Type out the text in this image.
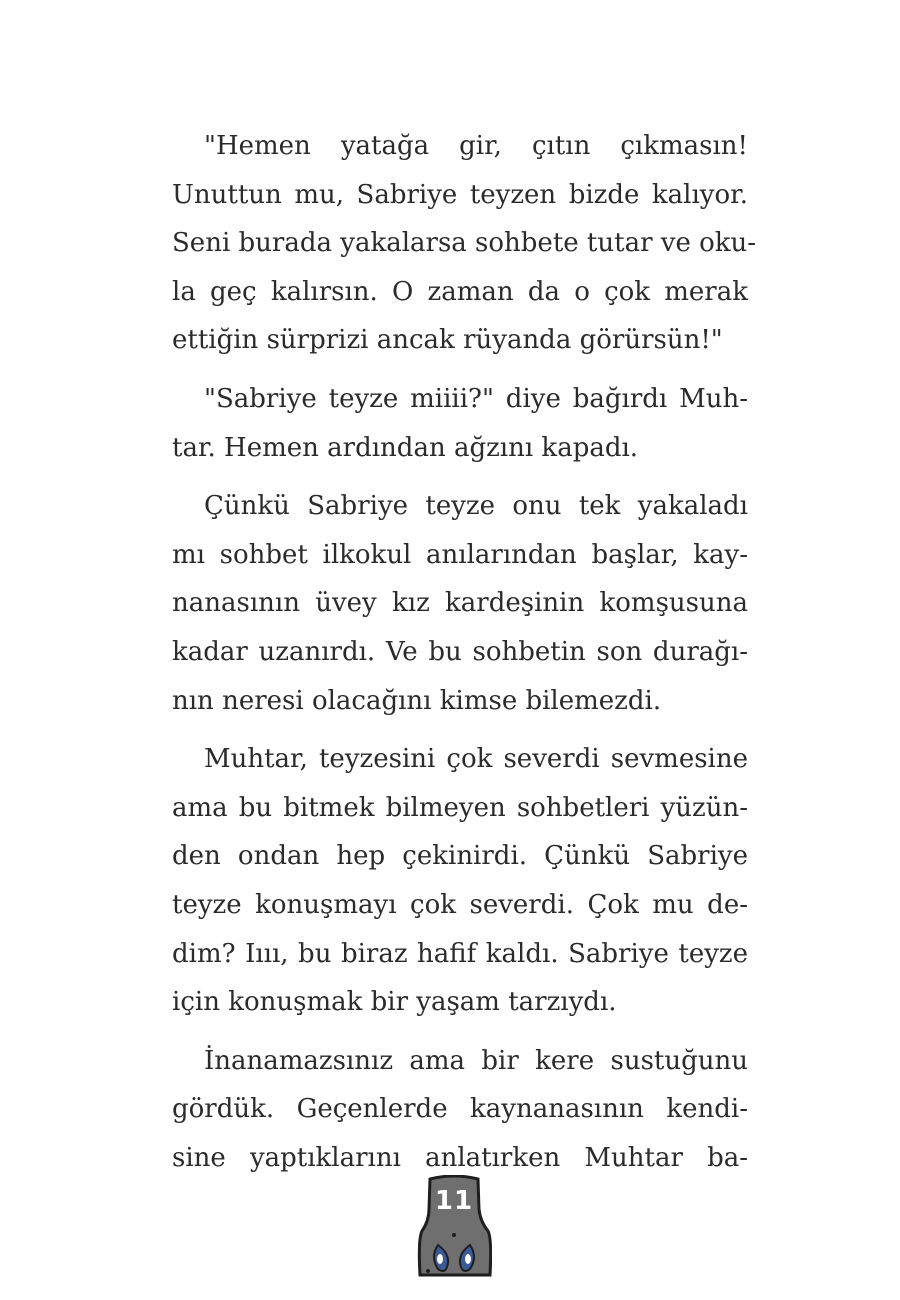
"Hemen yatağa gir, çıtın çıkmasın!
Unuttun mu, Sabriye teyzen bizde kalıyor.
Seni burada yakalarsa sohbete tutar ve oku-
la geç kalırsın. O zaman da o çok merak
ettiğin sürprizi ancak rüyanda görürsün!"

"Sabriye teyze miiii?" diye bağırdı Muh-
tar. Hemen ardından ağzını kapadı.

Çünkü Sabriye teyze onu tek yakaladı
mı sohbet ilkokul anılarından başlar, kay-
nanasının üvey kız kardeşinin komşusuna
kadar uzanırdı. Ve bu sohbetin son durağı-
nın neresi olacağını kimse bilemezdi.

Muhtar, teyzesini çok severdi sevmesine
ama bu bitmek bilmeyen sohbetleri yüzün-
den ondan hep çekinirdi. Çünkü Sabriye
teyze konuşmayı çok severdi. Çok mu de-
dim? Iııı, bu biraz hafif kaldı. Sabriye teyze
için konuşmak bir yaşam tarzıydı.

İnanamazsınız ama bir kere sustuğunu
gördük. Geçenlerde kaynanasının kendi-
sine yaptıklarını anlatırken Muhtar ba-

11
